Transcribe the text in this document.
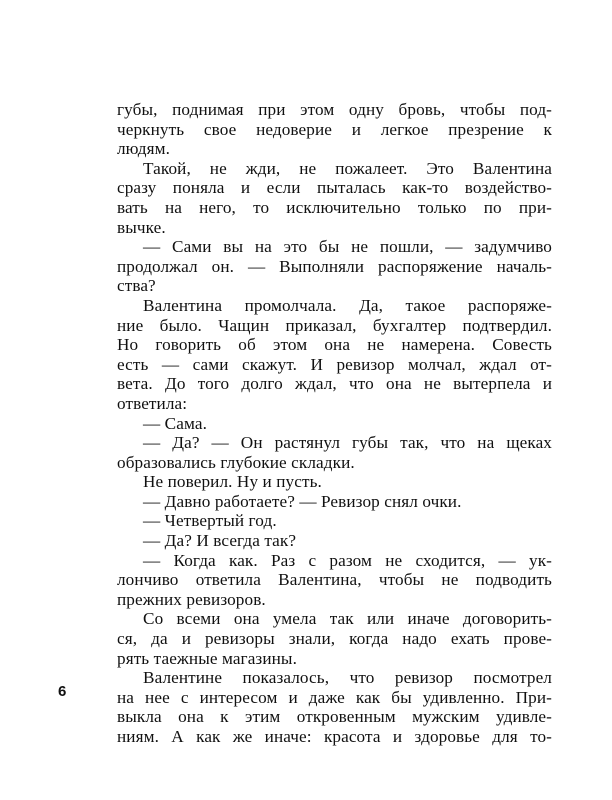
губы, поднимая при этом одну бровь, чтобы под-
черкнуть свое недоверие и легкое презрение к
людям.
Такой, не жди, не пожалеет. Это Валентина
сразу поняла и если пыталась как-то воздейство-
вать на него, то исключительно только по при-
вычке.
— Сами вы на это бы не пошли, — задумчиво
продолжал он. — Выполняли распоряжение началь-
ства?
Валентина промолчала. Да, такое распоряже-
ние было. Чащин приказал, бухгалтер подтвердил.
Но говорить об этом она не намерена. Совесть
есть — сами скажут. И ревизор молчал, ждал от-
вета. До того долго ждал, что она не вытерпела и
ответила:
— Сама.
— Да? — Он растянул губы так, что на щеках
образовались глубокие складки.
Не поверил. Ну и пусть.
— Давно работаете? — Ревизор снял очки.
— Четвертый год.
— Да? И всегда так?
— Когда как. Раз с разом не сходится, — ук-
лончиво ответила Валентина, чтобы не подводить
прежних ревизоров.
Со всеми она умела так или иначе договорить-
ся, да и ревизоры знали, когда надо ехать прове-
рять таежные магазины.
Валентине показалось, что ревизор посмотрел
на нее с интересом и даже как бы удивленно. При-
выкла она к этим откровенным мужским удивле-
ниям. А как же иначе: красота и здоровье для то-
6
